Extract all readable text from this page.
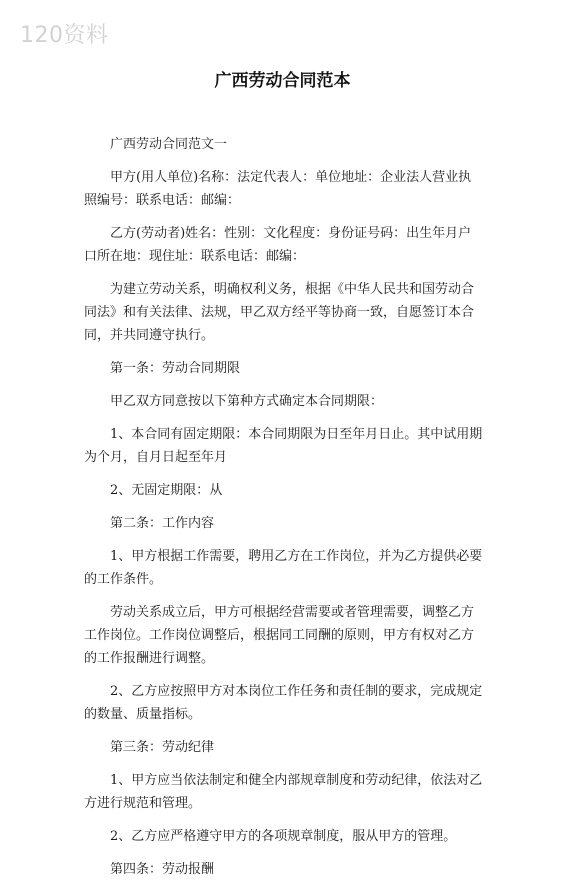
120资料
广西劳动合同范本

广西劳动合同范文一

甲方(用人单位)名称：法定代表人：单位地址：企业法人营业执照编号：联系电话：邮编：

乙方(劳动者)姓名：性别：文化程度：身份证号码：出生年月户口所在地：现住址：联系电话：邮编：

为建立劳动关系，明确权利义务，根据《中华人民共和国劳动合同法》和有关法律、法规，甲乙双方经平等协商一致，自愿签订本合同，并共同遵守执行。

第一条：劳动合同期限

甲乙双方同意按以下第种方式确定本合同期限：

1、本合同有固定期限：本合同期限为日至年月日止。其中试用期为个月，自月日起至年月

2、无固定期限：从

第二条：工作内容

1、甲方根据工作需要，聘用乙方在工作岗位，并为乙方提供必要的工作条件。

劳动关系成立后，甲方可根据经营需要或者管理需要，调整乙方工作岗位。工作岗位调整后，根据同工同酬的原则，甲方有权对乙方的工作报酬进行调整。

2、乙方应按照甲方对本岗位工作任务和责任制的要求，完成规定的数量、质量指标。

第三条：劳动纪律

1、甲方应当依法制定和健全内部规章制度和劳动纪律，依法对乙方进行规范和管理。

2、乙方应严格遵守甲方的各项规章制度，服从甲方的管理。

第四条：劳动报酬
